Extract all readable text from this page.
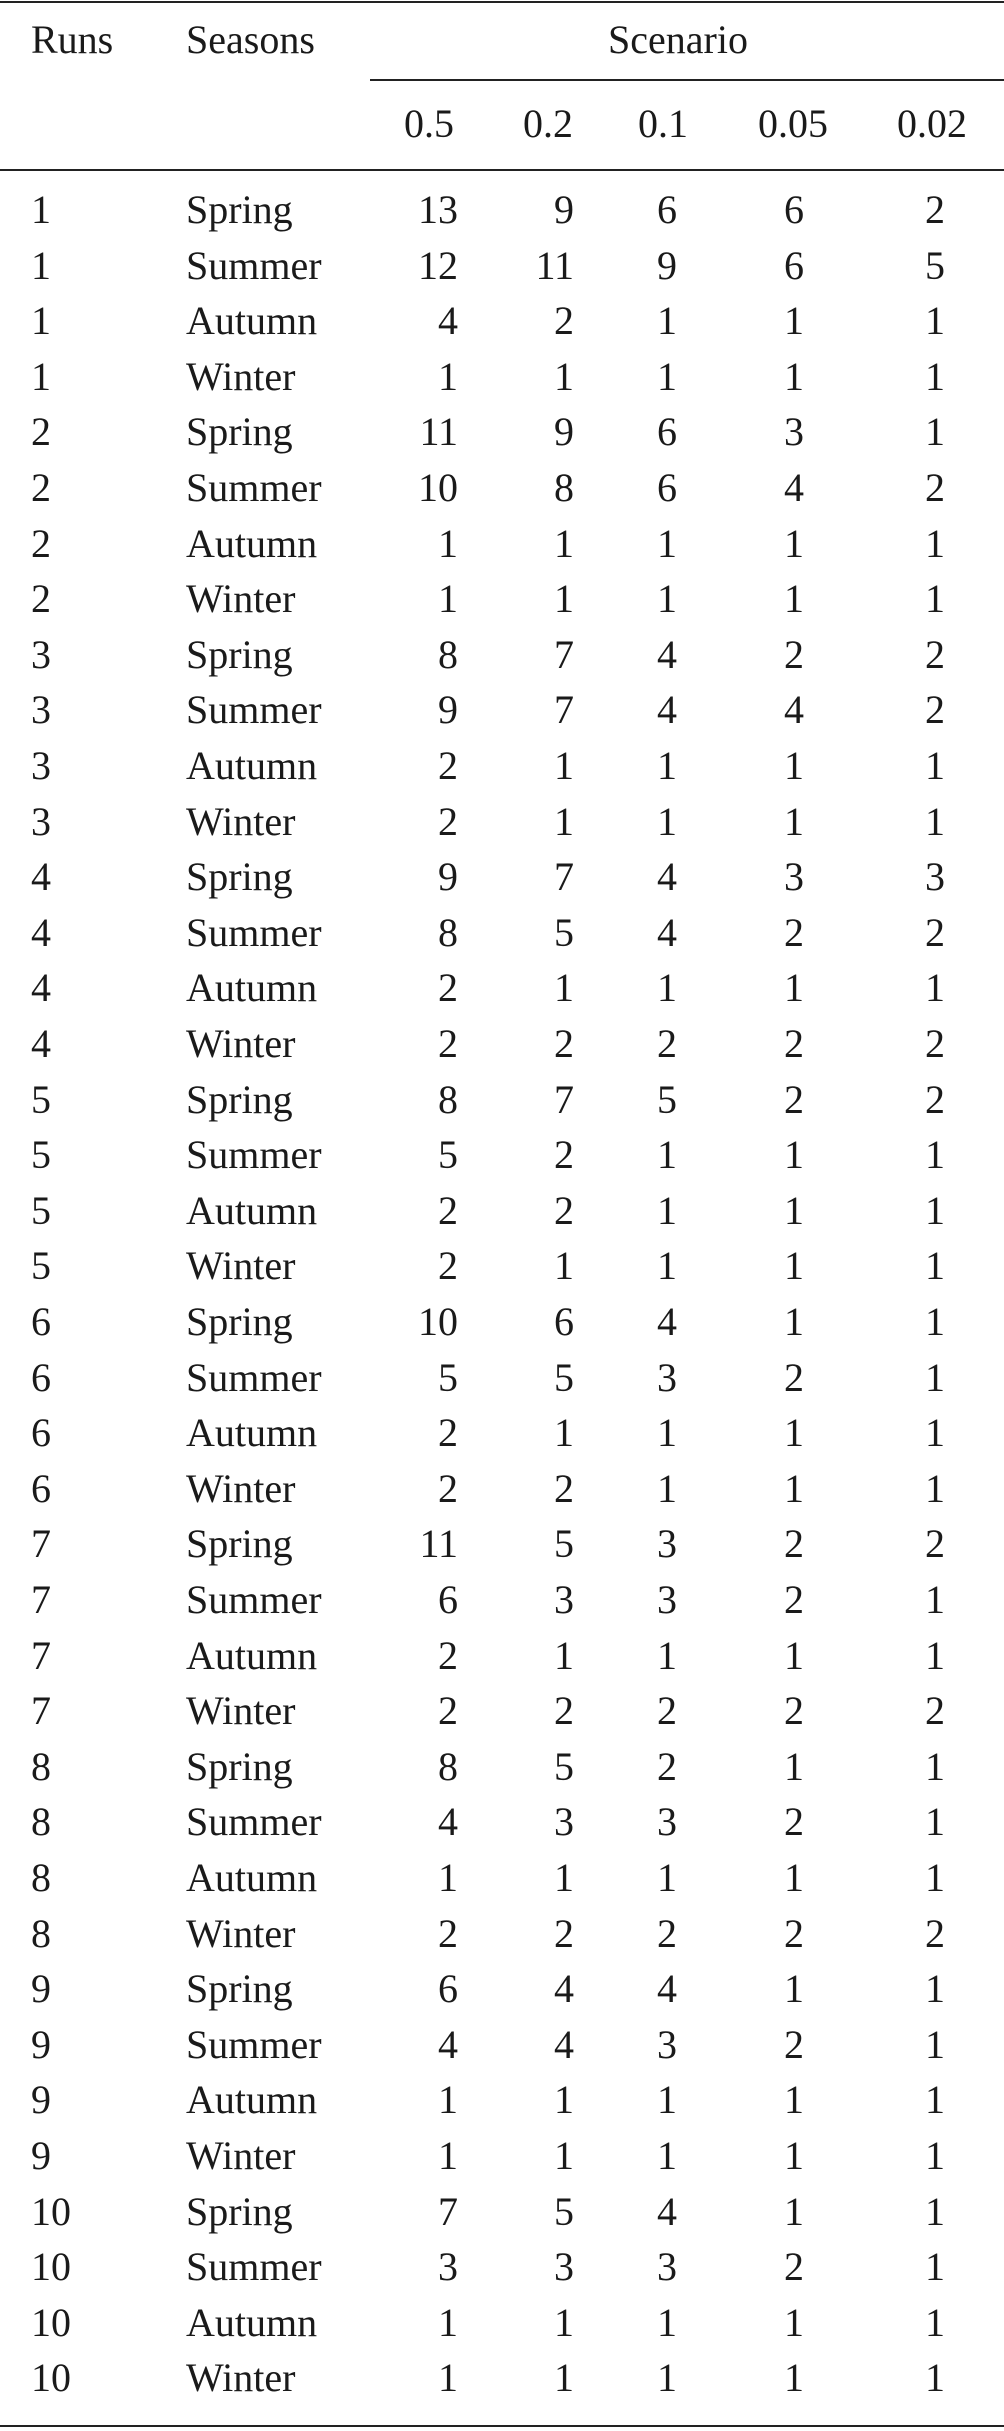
Runs Seasons	Scenario
0.5	0.2	0.1	0.05	0.02
1	Spring	13	9	6	6	2
1	Summer	12	11	9	6	5
1	Autumn	4	2	1	1	1
1	Winter	1	1	1	1	1
2	Spring	11	9	6	3	1
2	Summer	10	8	6	4	2
2	Autumn	1	1	1	1	1
2	Winter	1	1	1	1	1
3	Spring	8	7	4	2	2
3	Summer	9	7	4	4	2
3	Autumn	2	1	1	1	1
3	Winter	2	1	1	1	1
4	Spring	9	7	4	3	3
4	Summer	8	5	4	2	2
4	Autumn	2	1	1	1	1
4	Winter	2	2	2	2	2
5	Spring	8	7	5	2	2
5	Summer	5	2	1	1	1
5	Autumn	2	2	1	1	1
5	Winter	2	1	1	1	1
6	Spring	10	6	4	1	1
6	Summer	5	5	3	2	1
6	Autumn	2	1	1	1	1
6	Winter	2	2	1	1	1
7	Spring	11	5	3	2	2
7	Summer	6	3	3	2	1
7	Autumn	2	1	1	1	1
7	Winter	2	2	2	2	2
8	Spring	8	5	2	1	1
8	Summer	4	3	3	2	1
8	Autumn	1	1	1	1	1
8	Winter	2	2	2	2	2
9	Spring	6	4	4	1	1
9	Summer	4	4	3	2	1
9	Autumn	1	1	1	1	1
9	Winter	1	1	1	1	1
10	Spring	7	5	4	1	1
10	Summer	3	3	3	2	1
10	Autumn	1	1	1	1	1
10	Winter	1	1	1	1	1
